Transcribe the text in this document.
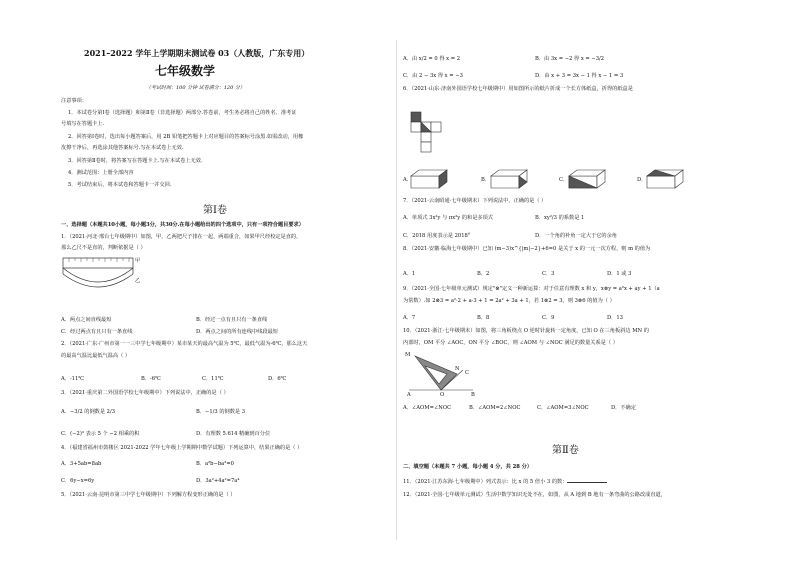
2021–2022 学年上学期期末测试卷 03（人教版，广东专用）
七年级数学
（考试时间：100 分钟 试卷满分：120 分）
注意事项：
1．本试卷分第Ⅰ卷（选择题）和第Ⅱ卷（非选择题）两部分.答卷前，考生务必将自己的姓名、准考证
号填写在答题卡上.
2．回答第Ⅰ卷时，选出每小题答案后，用 2B 铅笔把答题卡上对应题目的答案标号涂黑.如需改动，用橡
皮擦干净后，再选涂其他答案标号.写在本试卷上无效.
3．回答第Ⅱ卷时，将答案写在答题卡上.写在本试卷上无效.
4．测试范围：上册全部内容
5．考试结束后，将本试卷和答题卡一并交回.
第Ⅰ卷
一、选择题（本题共10小题，每小题3分，共30分.在每小题给出的四个选项中，只有一项符合题目要求）
1．（2021·河北·邢台七年级期中）如图，甲，乙两把尺子排在一起，两端重合，如果甲尺经校定是直的，
那么乙尺不是直的，判断依据是（ ）
甲
乙
A．两点之间直线最短	B．经过一点有且只有一条直线
C．经过两点有且只有一条直线	D．两点之间的所有连线中线段最短
2．（2021·广东·广州市第一一三中学七年级期中）某市某天的最高气温为 5℃，最低气温为-6℃，那么这天
的最高气温比最低气温高（ ）
A．-11℃	B．-6℃	C．11℃	D．6℃
3．（2021·重庆第二外国语学校七年级期中）下列说法中，正确的是（ ）
A．−3/2 的倒数是 2/3	B．−1/3 的倒数是 3
C．(−2)³ 表示 5 个 −2 相乘的积	D．有理数 5.614 精确到百分位
4．（福建省福州市鼓楼区 2021-2022 学年七年级上学期期中数学试题）下列运算中，结果正确的是（ ）
A．3+5ab=8ab	B．a²b−ba²=0
C．6y−x=6y	D．3a²+4a²=7a⁴
5．（2021·云南·昆明市第三中学七年级期中）下列解方程变形正确的是（ ）
A．由 x/2 = 0 得 x = 2	B．由 3x = −2 得 x = −3/2
C．由 2 − 3x 得 x = −3	D．由 x + 3 = 3x − 1 得 x − 1 = 3
6．（2021·山东·济南外国语学校七年级期中）用如图所示的纸片折成一个长方体纸盒，折得的纸盒是
A．	B．	C．	D．
7．（2021·云南昭通·七年级期末）下列说法中，正确的是（ ）
A．单项式 3x²y 与 πx²y 的和是多项式	B．xy²/3 的系数是 1
C．2018 用度表示是 2018°	D．一个角的补角一定大于它的余角
8．（2021·安徽·临海七年级期中）已知 (m−3)x^{|m|−2}+6=0 是关于 x 的一元一次方程，则 m 的值为
A．1	B．2	C．3	D．1 或 3
9．（2021·全国·七年级单元测试）规定"⊗"定义一种新运算：对于任意有理数 x 和 y，x⊗y = a²x + ay + 1（a
为常数）.如 2⊗3 = a²·2 + a·3 + 1 = 2a² + 3a + 1，若 1⊗2 = 3，则 3⊗6 的值为（ ）
A．7	B．8	C．9	D．13
10．（2021·浙江·七年级期末）如图，将三角板绕点 O 逆时针旋转一定角度，已知 O 在三角板斜边 MN 的
内部时，OM 平分 ∠AOC，ON 平分 ∠BOC，则 ∠AOM 与 ∠NOC 满足的数量关系是（ ）
M
N
C
A	O	B
A．∠AOM=∠NOC	B．∠AOM=2∠NOC	C．∠AOM=3∠NOC	D．不确定
第Ⅱ卷
二、填空题（本题共 7 小题，每小题 4 分，共 28 分）
11．（2021·江苏东海·七年级期中）列式表示：比 x 的 5 倍小 3 的数：
12．（2021·全国·七年级单元测试）生活中数学知识无处不在，如图，从 A 地到 B 地有一条弯曲的公路改成直道，
